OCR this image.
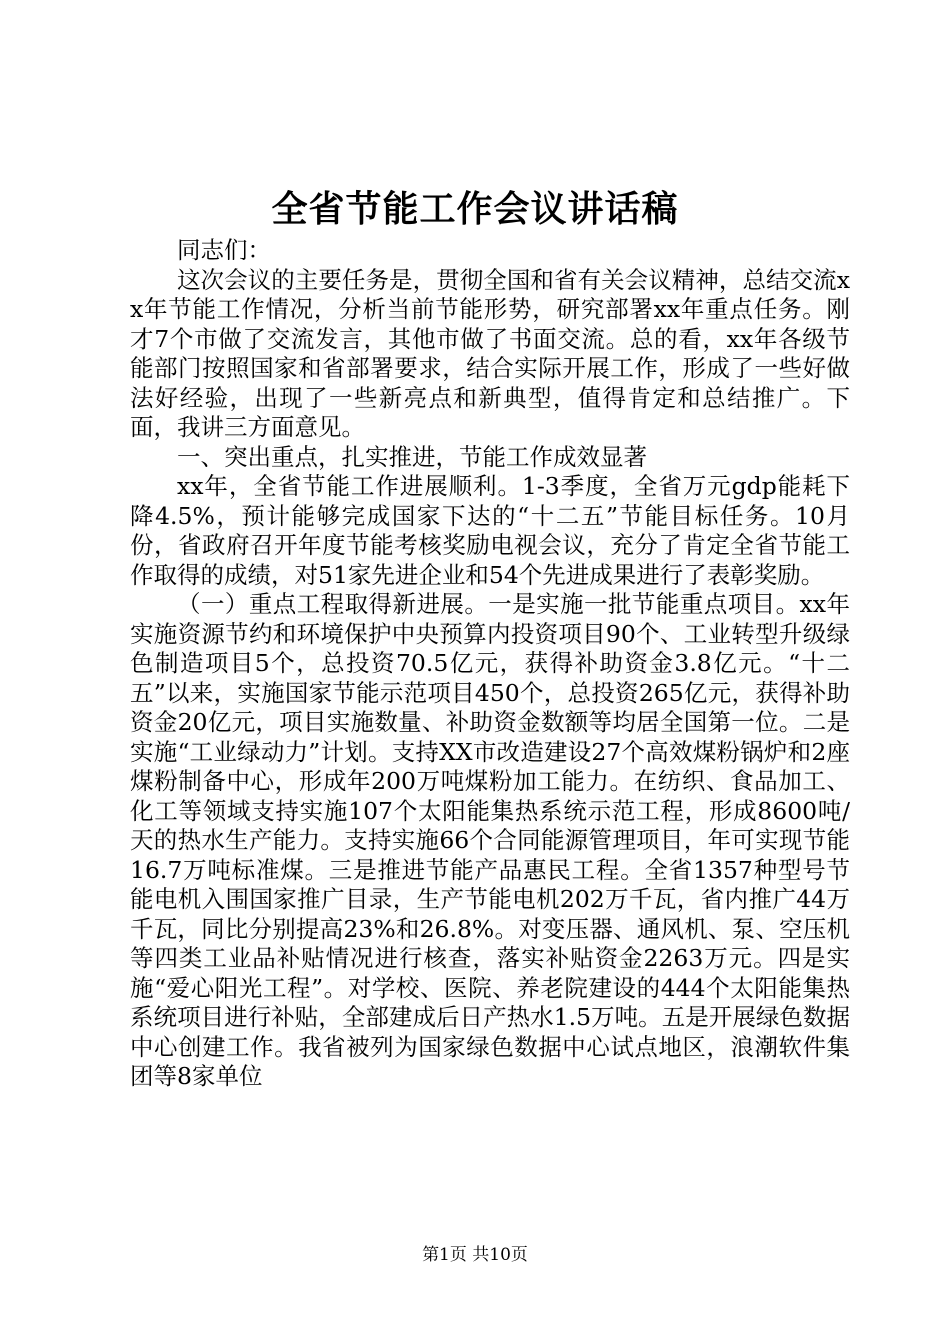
全省节能工作会议讲话稿

同志们：

这次会议的主要任务是，贯彻全国和省有关会议精神，总结交流xx年节能工作情况，分析当前节能形势，研究部署xx年重点任务。刚才7个市做了交流发言，其他市做了书面交流。总的看，xx年各级节能部门按照国家和省部署要求，结合实际开展工作，形成了一些好做法好经验，出现了一些新亮点和新典型，值得肯定和总结推广。下面，我讲三方面意见。

一、突出重点，扎实推进，节能工作成效显著

xx年，全省节能工作进展顺利。1-3季度，全省万元gdp能耗下降4.5%，预计能够完成国家下达的“十二五”节能目标任务。10月份，省政府召开年度节能考核奖励电视会议，充分了肯定全省节能工作取得的成绩，对51家先进企业和54个先进成果进行了表彰奖励。

（一）重点工程取得新进展。一是实施一批节能重点项目。xx年实施资源节约和环境保护中央预算内投资项目90个、工业转型升级绿色制造项目5个，总投资70.5亿元，获得补助资金3.8亿元。“十二五”以来，实施国家节能示范项目450个，总投资265亿元，获得补助资金20亿元，项目实施数量、补助资金数额等均居全国第一位。二是实施“工业绿动力”计划。支持XX市改造建设27个高效煤粉锅炉和2座煤粉制备中心，形成年200万吨煤粉加工能力。在纺织、食品加工、化工等领域支持实施107个太阳能集热系统示范工程，形成8600吨/天的热水生产能力。支持实施66个合同能源管理项目，年可实现节能16.7万吨标准煤。三是推进节能产品惠民工程。全省1357种型号节能电机入围国家推广目录，生产节能电机202万千瓦，省内推广44万千瓦，同比分别提高23%和26.8%。对变压器、通风机、泵、空压机等四类工业品补贴情况进行核查，落实补贴资金2263万元。四是实施“爱心阳光工程”。对学校、医院、养老院建设的444个太阳能集热系统项目进行补贴，全部建成后日产热水1.5万吨。五是开展绿色数据中心创建工作。我省被列为国家绿色数据中心试点地区，浪潮软件集团等8家单位

第1页 共10页
